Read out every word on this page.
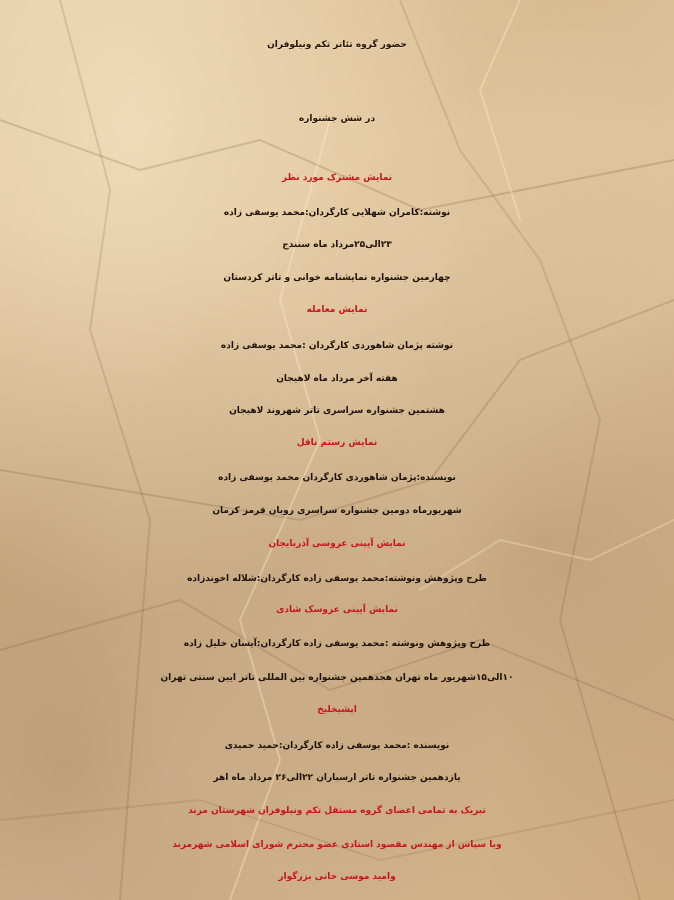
حضور گروه تئاتر تکم ونیلوفران
در شش جشنواره
نمایش مشترک مورد نظر
نوشته:کامران شهلایی کارگردان:محمد یوسفی زاده
۲۳الی۲۵مرداد ماه سنندج
چهارمین جشنواره نمایشنامه خوانی و تاتر کردستان
نمایش معامله
نوشته پژمان شاهوردی کارگردان :محمد یوسفی زاده
هفته آخر مرداد ماه لاهیجان
هشتمین جشنواره سراسری تاتر شهروند لاهیجان
نمایش رستم ناقل
نویسنده:پژمان شاهوردی کارگردان محمد یوسفی زاده
شهریورماه دومین جشنواره سراسری روبان قرمز کرمان
نمایش آیینی عروسی آذربایجان
طرح وپژوهش ونوشته:محمد یوسفی زاده کارگردان:شلاله اخوندزاده
نمایش آیینی عروسک شادی
طرح وپژوهش ونوشته :محمد یوسفی زاده کارگردان:آیسان خلیل زاده
۱۰الی۱۵شهریور ماه تهران هجدهمین جشنواره بین المللی تاتر ایین سنتی تهران
ایشیخلیخ
نویسنده :محمد یوسفی زاده کارگردان:حمید حمیدی
یازدهمین جشنواره تاتر ارسباران ۲۲الی۲۶ مرداد ماه اهر
تبریک به تمامی اعضای گروه مستقل تکم ونیلوفران شهرستان مرند
وبا سپاس از مهندس مقصود استادی عضو محترم شورای اسلامی شهرمرند
وامید موسی خانی بزرگوار
